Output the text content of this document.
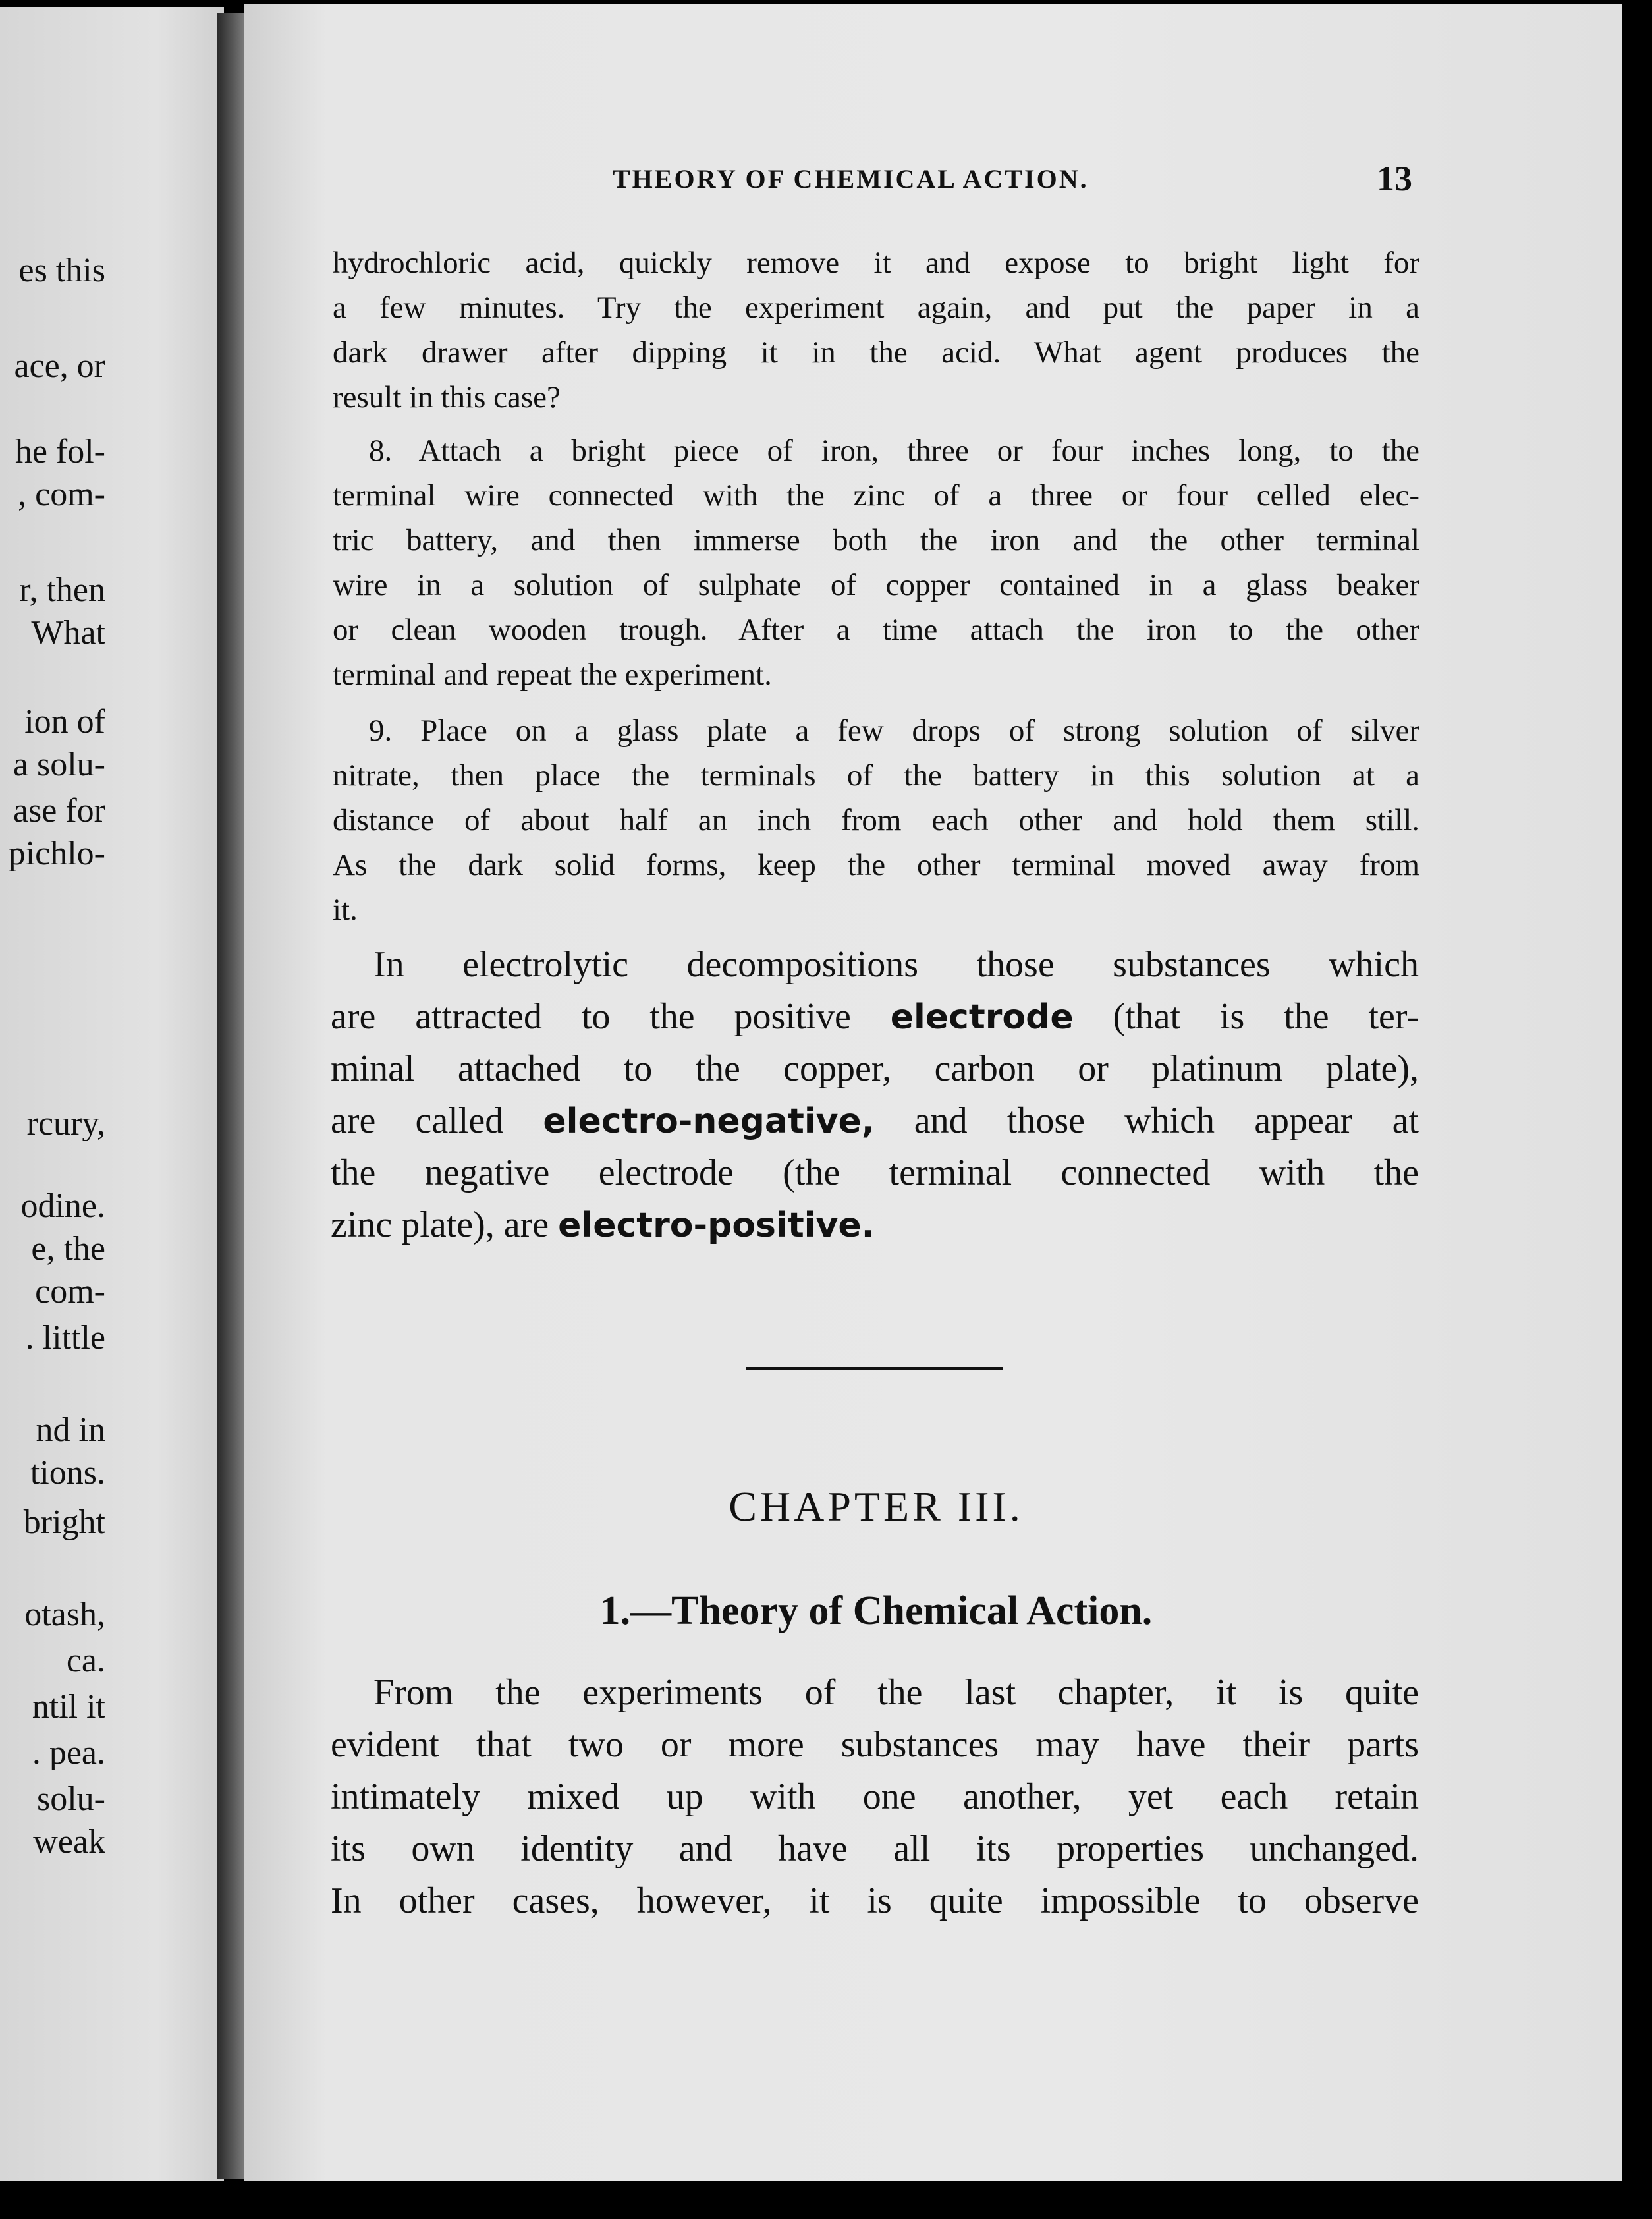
es this
ace, or
he fol-
, com-
r, then
What
ion of
a solu-
ase for
pichlo-
rcury,
odine.
e, the
com-
. little
nd in
tions.
bright
otash,
ca.
ntil it
. pea.
solu-
weak
THEORY OF CHEMICAL ACTION.	13
hydrochloric acid, quickly remove it and expose to bright light for
a few minutes. Try the experiment again, and put the paper in a
dark drawer after dipping it in the acid. What agent produces the
result in this case?
8. Attach a bright piece of iron, three or four inches long, to the
terminal wire connected with the zinc of a three or four celled elec-
tric battery, and then immerse both the iron and the other terminal
wire in a solution of sulphate of copper contained in a glass beaker
or clean wooden trough. After a time attach the iron to the other
terminal and repeat the experiment.
9. Place on a glass plate a few drops of strong solution of silver
nitrate, then place the terminals of the battery in this solution at a
distance of about half an inch from each other and hold them still.
As the dark solid forms, keep the other terminal moved away from
it.
In electrolytic decompositions those substances which
are attracted to the positive electrode (that is the ter-
minal attached to the copper, carbon or platinum plate),
are called electro-negative, and those which appear at
the negative electrode (the terminal connected with the
zinc plate), are electro-positive.
CHAPTER III.
1.—Theory of Chemical Action.
From the experiments of the last chapter, it is quite
evident that two or more substances may have their parts
intimately mixed up with one another, yet each retain
its own identity and have all its properties unchanged.
In other cases, however, it is quite impossible to observe
